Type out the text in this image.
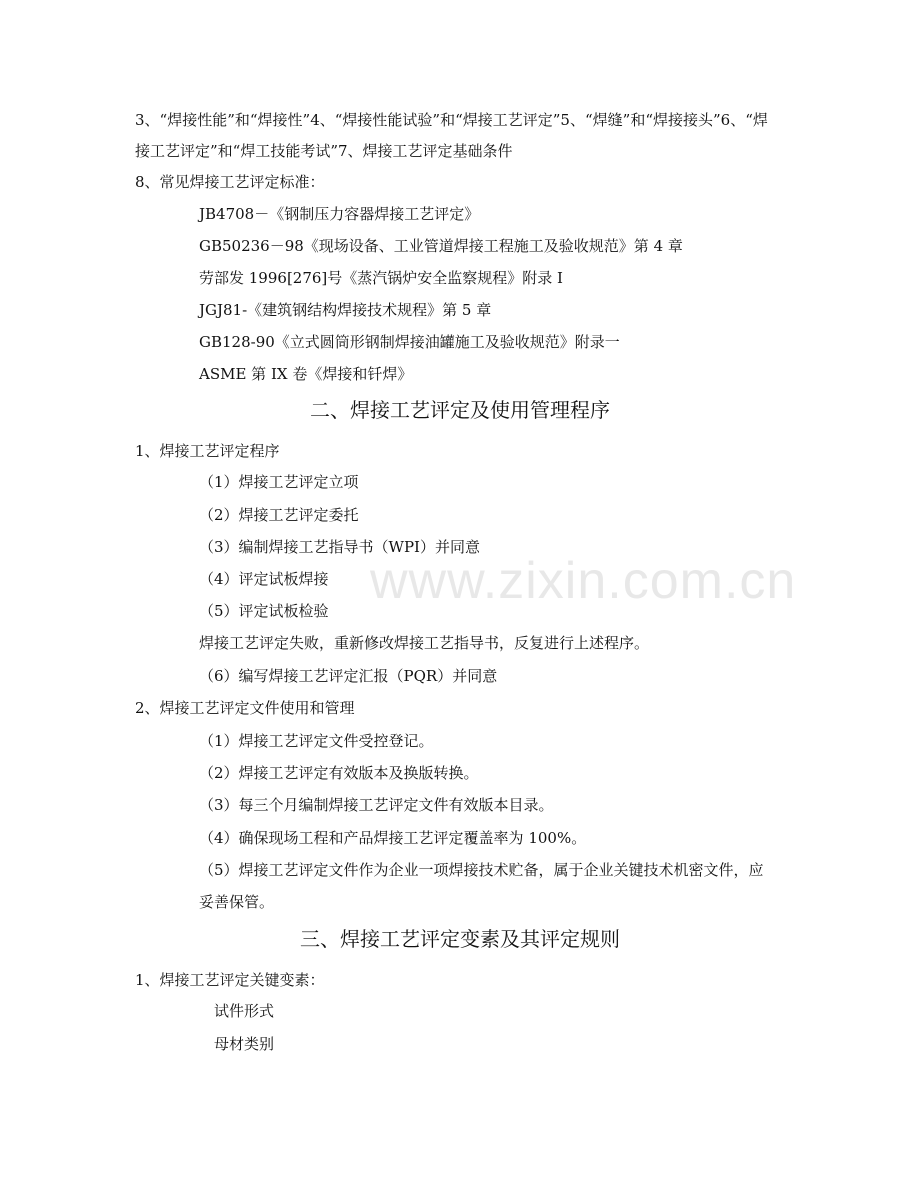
3、“焊接性能”和“焊接性”4、“焊接性能试验”和“焊接工艺评定”5、“焊缝”和“焊接接头”6、“焊
接工艺评定”和“焊工技能考试”7、焊接工艺评定基础条件
8、常见焊接工艺评定标准：
JB4708－《钢制压力容器焊接工艺评定》
GB50236－98《现场设备、工业管道焊接工程施工及验收规范》第 4 章
劳部发 1996[276]号《蒸汽锅炉安全监察规程》附录 I
JGJ81-《建筑钢结构焊接技术规程》第 5 章
GB128-90《立式圆筒形钢制焊接油罐施工及验收规范》附录一
ASME 第 IX 卷《焊接和钎焊》
二、焊接工艺评定及使用管理程序
1、焊接工艺评定程序
（1）焊接工艺评定立项
（2）焊接工艺评定委托
（3）编制焊接工艺指导书（WPI）并同意
（4）评定试板焊接
（5）评定试板检验
焊接工艺评定失败，重新修改焊接工艺指导书，反复进行上述程序。
（6）编写焊接工艺评定汇报（PQR）并同意
2、焊接工艺评定文件使用和管理
（1）焊接工艺评定文件受控登记。
（2）焊接工艺评定有效版本及换版转换。
（3）每三个月编制焊接工艺评定文件有效版本目录。
（4）确保现场工程和产品焊接工艺评定覆盖率为 100%。
（5）焊接工艺评定文件作为企业一项焊接技术贮备，属于企业关键技术机密文件，应
妥善保管。
三、焊接工艺评定变素及其评定规则
1、焊接工艺评定关键变素：
试件形式
母材类别
www.zixin.com.cn
